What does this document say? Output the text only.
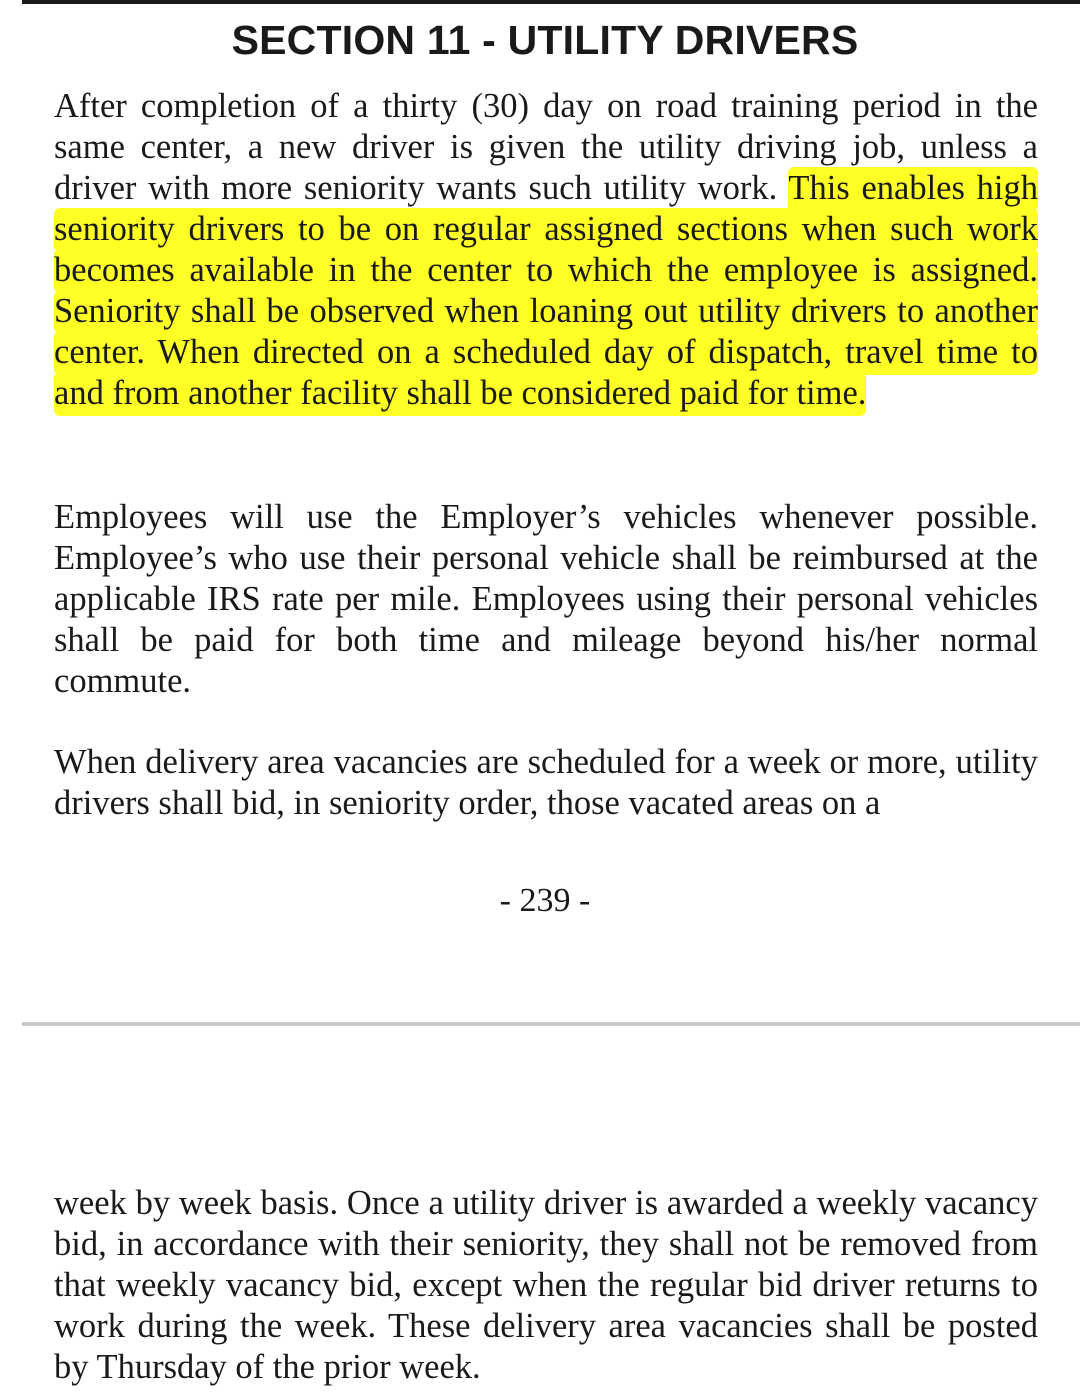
SECTION 11 - UTILITY DRIVERS

After completion of a thirty (30) day on road training period in the same center, a new driver is given the utility driving job, unless a driver with more seniority wants such utility work. This enables high seniority drivers to be on regular assigned sections when such work becomes available in the center to which the employee is assigned. Seniority shall be observed when loaning out utility drivers to another center. When directed on a scheduled day of dispatch, travel time to and from another facility shall be considered paid for time.

Employees will use the Employer’s vehicles whenever possible. Employee’s who use their personal vehicle shall be reimbursed at the applicable IRS rate per mile. Employees using their personal vehicles shall be paid for both time and mileage beyond his/her normal commute.

When delivery area vacancies are scheduled for a week or more, utility drivers shall bid, in seniority order, those vacated areas on a

- 239 -

week by week basis. Once a utility driver is awarded a weekly vacancy bid, in accordance with their seniority, they shall not be removed from that weekly vacancy bid, except when the regular bid driver returns to work during the week. These delivery area vacancies shall be posted by Thursday of the prior week.
